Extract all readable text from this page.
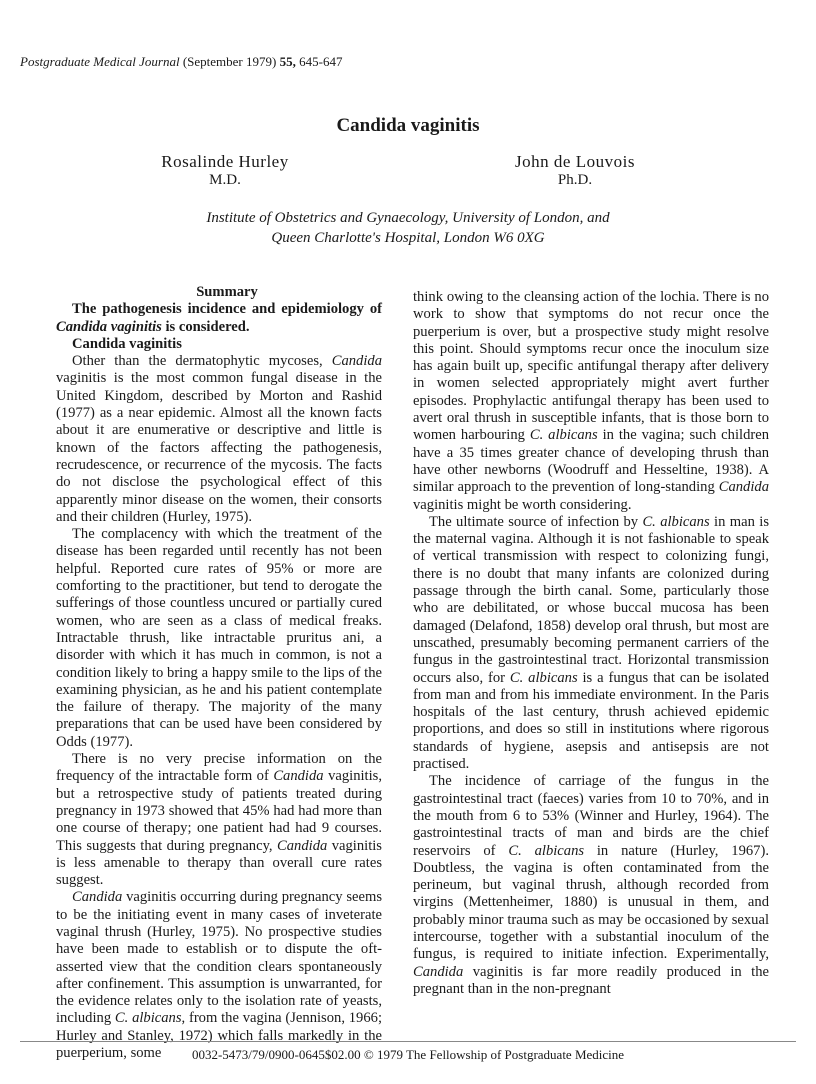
Postgraduate Medical Journal (September 1979) 55, 645-647
Candida vaginitis
Rosalinde Hurley
M.D.
John de Louvois
Ph.D.
Institute of Obstetrics and Gynaecology, University of London, and
Queen Charlotte's Hospital, London W6 0XG

Summary

The pathogenesis incidence and epidemiology of Candida vaginitis is considered.

Candida vaginitis

Other than the dermatophytic mycoses, Candida vaginitis is the most common fungal disease in the United Kingdom, described by Morton and Rashid (1977) as a near epidemic. Almost all the known facts about it are enumerative or descriptive and little is known of the factors affecting the pathogenesis, recrudescence, or recurrence of the mycosis. The facts do not disclose the psychological effect of this apparently minor disease on the women, their consorts and their children (Hurley, 1975).

The complacency with which the treatment of the disease has been regarded until recently has not been helpful. Reported cure rates of 95% or more are comforting to the practitioner, but tend to derogate the sufferings of those countless uncured or partially cured women, who are seen as a class of medical freaks. Intractable thrush, like intractable pruritus ani, a disorder with which it has much in common, is not a condition likely to bring a happy smile to the lips of the examining physician, as he and his patient contemplate the failure of therapy. The majority of the many preparations that can be used have been considered by Odds (1977).

There is no very precise information on the frequency of the intractable form of Candida vaginitis, but a retrospective study of patients treated during pregnancy in 1973 showed that 45% had had more than one course of therapy; one patient had had 9 courses. This suggests that during pregnancy, Candida vaginitis is less amenable to therapy than overall cure rates suggest.

Candida vaginitis occurring during pregnancy seems to be the initiating event in many cases of inveterate vaginal thrush (Hurley, 1975). No prospective studies have been made to establish or to dispute the oft-asserted view that the condition clears spontaneously after confinement. This assumption is unwarranted, for the evidence relates only to the isolation rate of yeasts, including C. albicans, from the vagina (Jennison, 1966; Hurley and Stanley, 1972) which falls markedly in the puerperium, some

think owing to the cleansing action of the lochia. There is no work to show that symptoms do not recur once the puerperium is over, but a prospective study might resolve this point. Should symptoms recur once the inoculum size has again built up, specific antifungal therapy after delivery in women selected appropriately might avert further episodes. Prophylactic antifungal therapy has been used to avert oral thrush in susceptible infants, that is those born to women harbouring C. albicans in the vagina; such children have a 35 times greater chance of developing thrush than have other newborns (Woodruff and Hesseltine, 1938). A similar approach to the prevention of long-standing Candida vaginitis might be worth considering.

The ultimate source of infection by C. albicans in man is the maternal vagina. Although it is not fashionable to speak of vertical transmission with respect to colonizing fungi, there is no doubt that many infants are colonized during passage through the birth canal. Some, particularly those who are debilitated, or whose buccal mucosa has been damaged (Delafond, 1858) develop oral thrush, but most are unscathed, presumably becoming permanent carriers of the fungus in the gastrointestinal tract. Horizontal transmission occurs also, for C. albicans is a fungus that can be isolated from man and from his immediate environment. In the Paris hospitals of the last century, thrush achieved epidemic proportions, and does so still in institutions where rigorous standards of hygiene, asepsis and antisepsis are not practised.

The incidence of carriage of the fungus in the gastrointestinal tract (faeces) varies from 10 to 70%, and in the mouth from 6 to 53% (Winner and Hurley, 1964). The gastrointestinal tracts of man and birds are the chief reservoirs of C. albicans in nature (Hurley, 1967). Doubtless, the vagina is often contaminated from the perineum, but vaginal thrush, although recorded from virgins (Mettenheimer, 1880) is unusual in them, and probably minor trauma such as may be occasioned by sexual intercourse, together with a substantial inoculum of the fungus, is required to initiate infection. Experimentally, Candida vaginitis is far more readily produced in the pregnant than in the non-pregnant

0032-5473/79/0900-0645$02.00 © 1979 The Fellowship of Postgraduate Medicine
